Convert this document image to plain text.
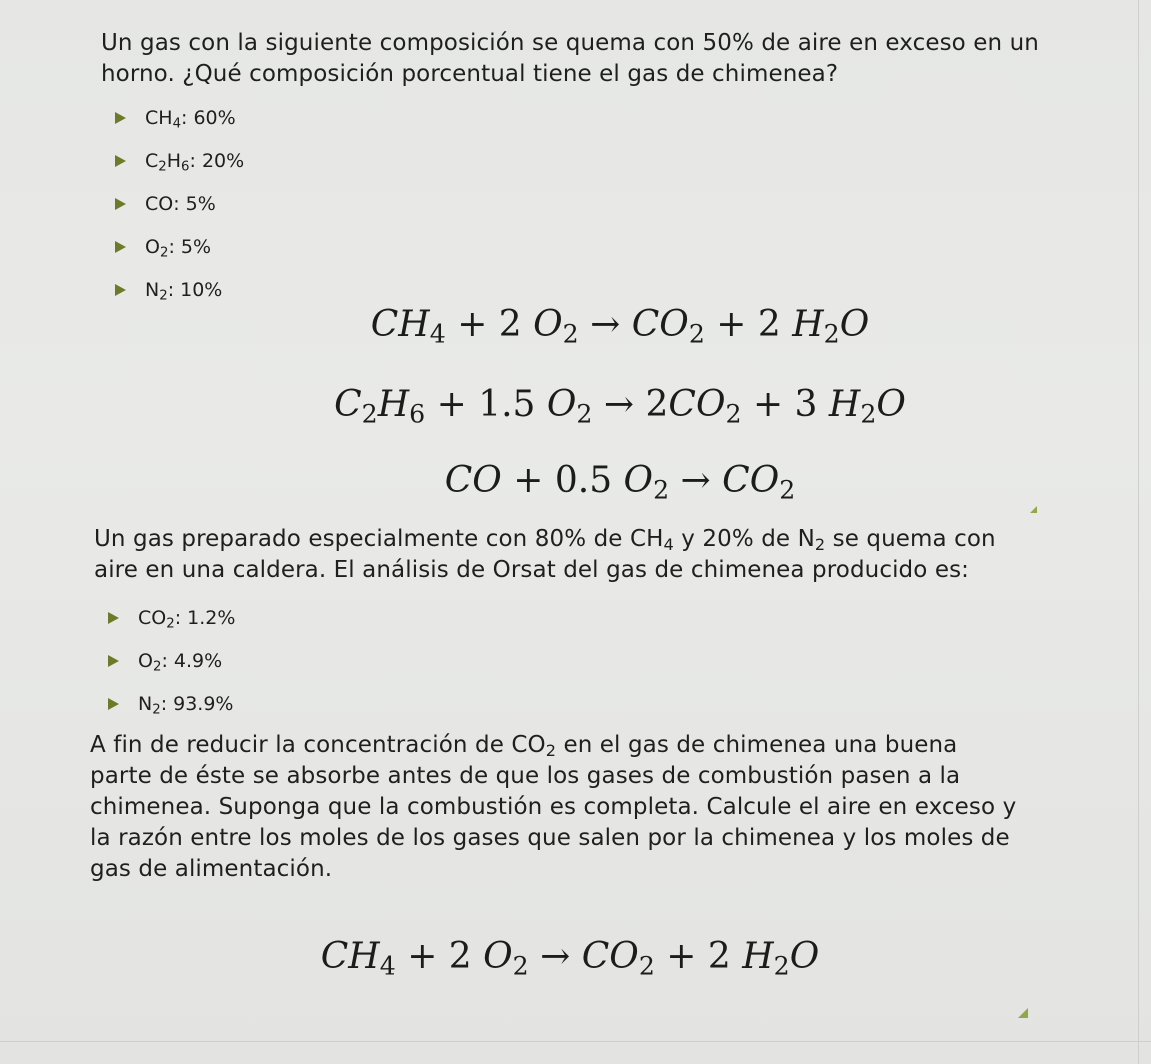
Un gas con la siguiente composición se quema con 50% de aire en exceso en un horno. ¿Qué composición porcentual tiene el gas de chimenea?
$CH_4$ : 60%
$C_2H_6$ : 20%
CO : 5%
$O_2$ : 5%
$N_2$ : 10%
$CH_4 + 2$ $O_2 \to CO_2 + 2$ $H_2O$
$C_2H_6 + 1.5$ $O_2 \to 2CO_2 + 3$ $H_2O$
CO + 0.5 $O_2 \to CO_2$
Un gas preparado especialmente con 80% de $CH_4$ y 20% de $N_2$ se quema con aire en una caldera. El análisis de Orsat del gas de chimenea producido es:
$CO_2$ : 1.2%
$O_2$ : 4.9%
$N_2$ : 93.9%
A fin de reducir la concentración de $CO_2$ en el gas de chimenea una buena parte de éste se absorbe antes de que los gases de combustión pasen a la chimenea. Suponga que la combustión es completa. Calcule el aire en exceso y la razón entre los moles de los gases que salen por la chimenea y los moles de gas de alimentación.
$CH_4 + 2$ $O_2 \to CO_2 + 2$ $H_2O$
